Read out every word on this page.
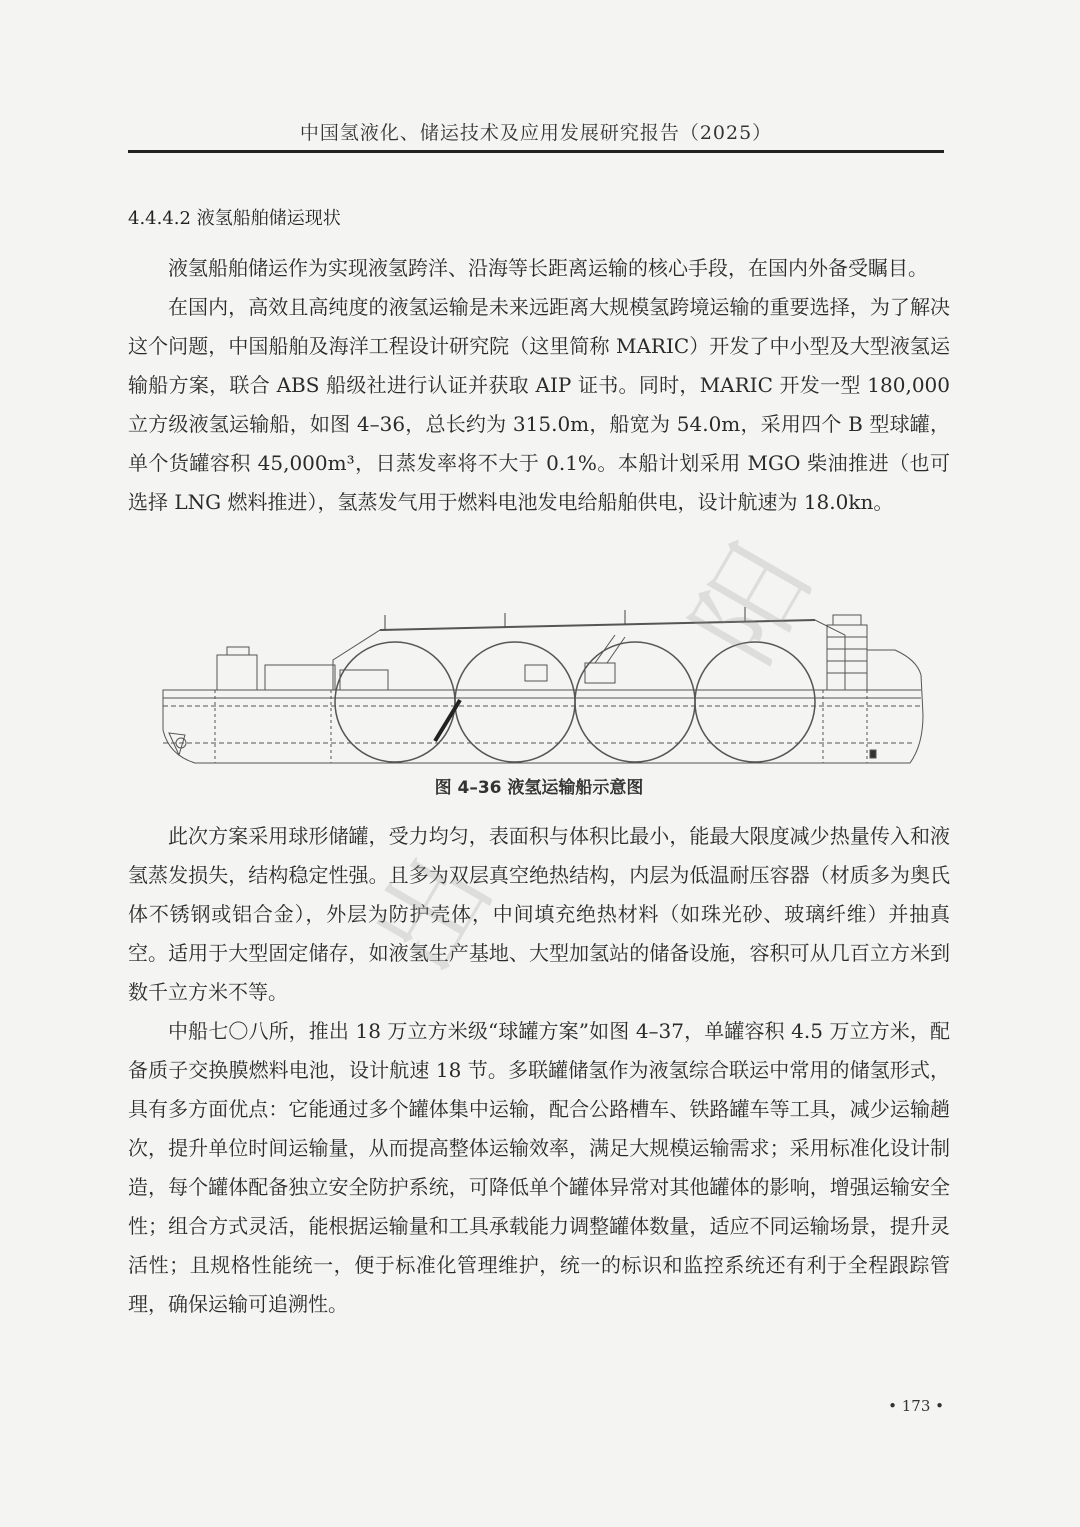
中国氢液化、储运技术及应用发展研究报告（2025）
4.4.4.2 液氢船舶储运现状

液氢船舶储运作为实现液氢跨洋、沿海等长距离运输的核心手段，在国内外备受瞩目。

在国内，高效且高纯度的液氢运输是未来远距离大规模氢跨境运输的重要选择，为了解决这个问题，中国船舶及海洋工程设计研究院（这里简称 MARIC）开发了中小型及大型液氢运输船方案，联合 ABS 船级社进行认证并获取 AIP 证书。同时，MARIC 开发一型 180,000 立方级液氢运输船，如图 4–36，总长约为 315.0m，船宽为 54.0m，采用四个 B 型球罐，单个货罐容积 45,000m³，日蒸发率将不大于 0.1%。本船计划采用 MGO 柴油推进（也可选择 LNG 燃料推进），氢蒸发气用于燃料电池发电给船舶供电，设计航速为 18.0kn。

图 4–36 液氢运输船示意图

此次方案采用球形储罐，受力均匀，表面积与体积比最小，能最大限度减少热量传入和液氢蒸发损失，结构稳定性强。且多为双层真空绝热结构，内层为低温耐压容器（材质多为奥氏体不锈钢或铝合金），外层为防护壳体，中间填充绝热材料（如珠光砂、玻璃纤维）并抽真空。适用于大型固定储存，如液氢生产基地、大型加氢站的储备设施，容积可从几百立方米到数千立方米不等。

中船七〇八所，推出 18 万立方米级“球罐方案”如图 4–37，单罐容积 4.5 万立方米，配备质子交换膜燃料电池，设计航速 18 节。多联罐储氢作为液氢综合联运中常用的储氢形式，具有多方面优点：它能通过多个罐体集中运输，配合公路槽车、铁路罐车等工具，减少运输趟次，提升单位时间运输量，从而提高整体运输效率，满足大规模运输需求；采用标准化设计制造，每个罐体配备独立安全防护系统，可降低单个罐体异常对其他罐体的影响，增强运输安全性；组合方式灵活，能根据运输量和工具承载能力调整罐体数量，适应不同运输场景，提升灵活性；且规格性能统一，便于标准化管理维护，统一的标识和监控系统还有利于全程跟踪管理，确保运输可追溯性。

阳
出
• 173 •
